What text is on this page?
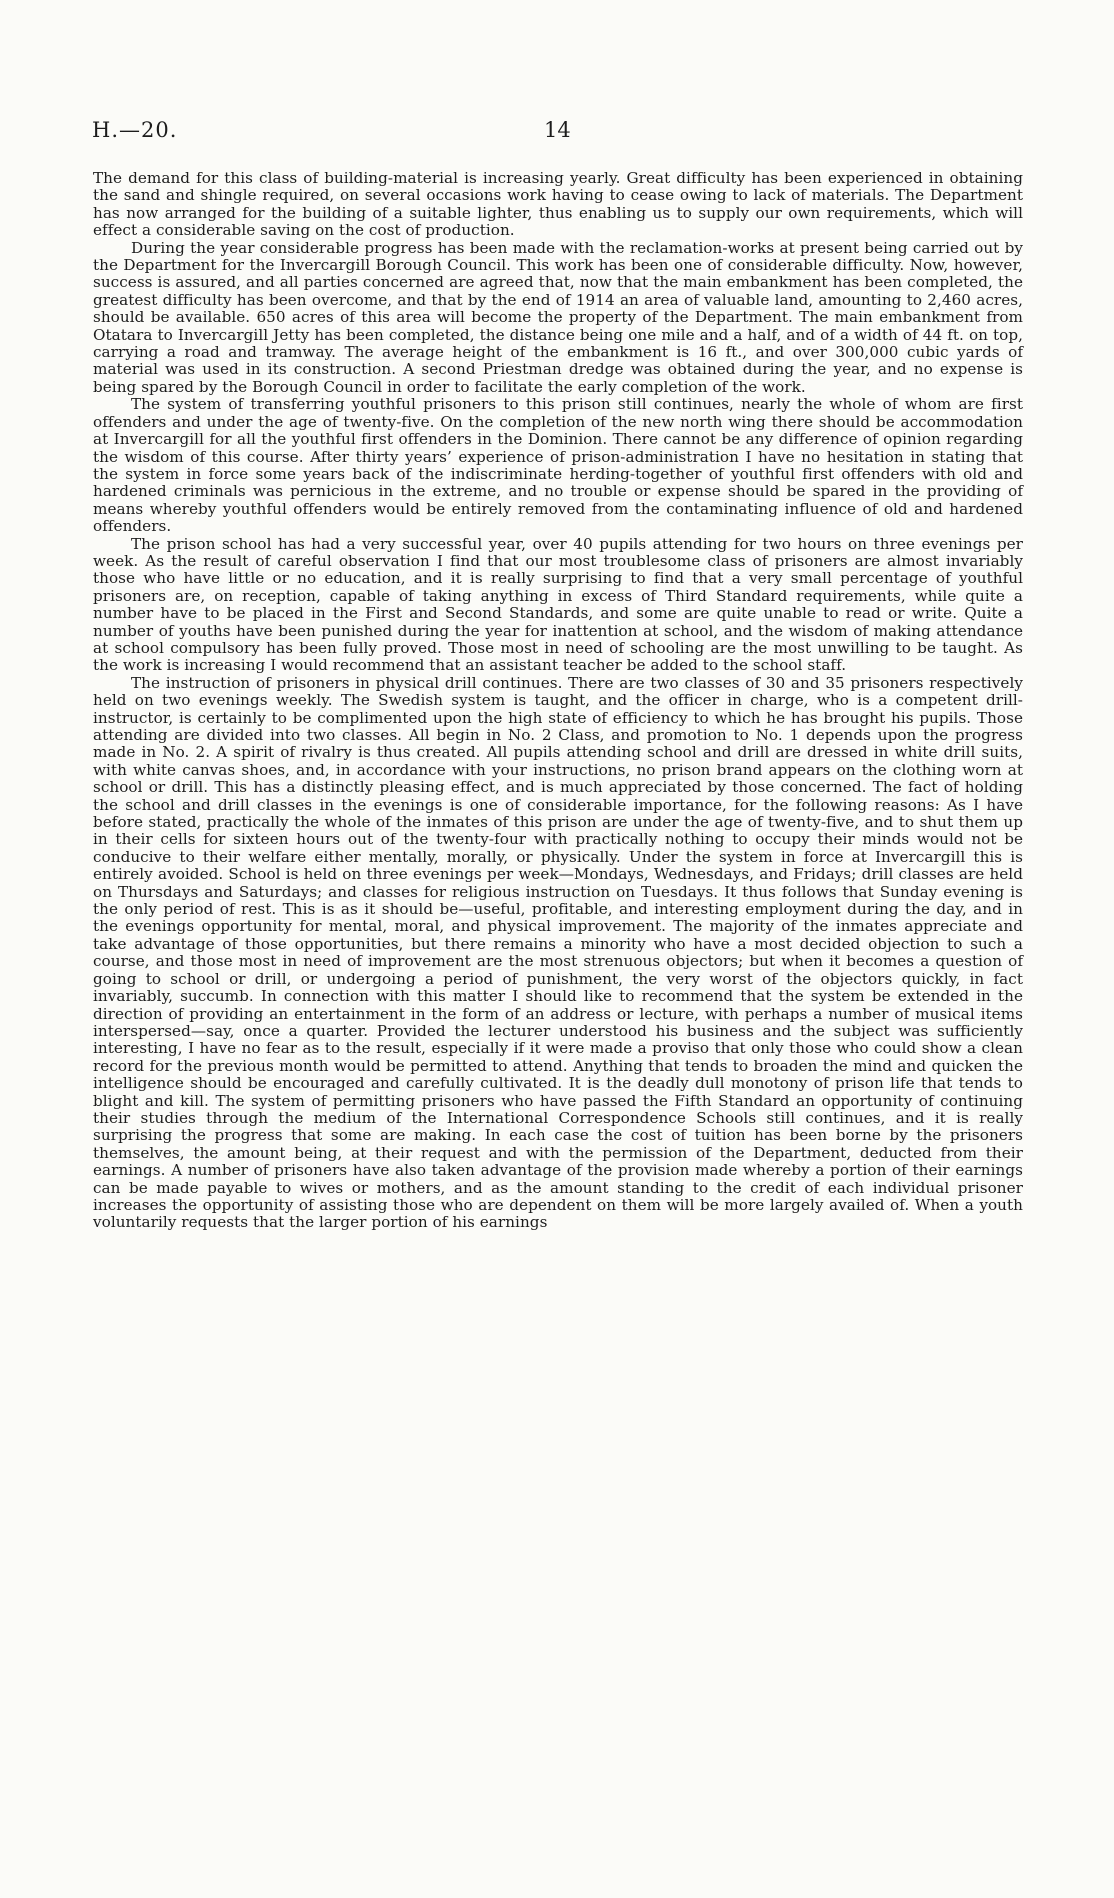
H.—20.	14

The demand for this class of building-material is increasing yearly. Great difficulty has been experienced in obtaining the sand and shingle required, on several occasions work having to cease owing to lack of materials. The Department has now arranged for the building of a suitable lighter, thus enabling us to supply our own requirements, which will effect a considerable saving on the cost of production.

During the year considerable progress has been made with the reclamation-works at present being carried out by the Department for the Invercargill Borough Council. This work has been one of considerable difficulty. Now, however, success is assured, and all parties concerned are agreed that, now that the main embankment has been completed, the greatest difficulty has been overcome, and that by the end of 1914 an area of valuable land, amounting to 2,460 acres, should be available. 650 acres of this area will become the property of the Department. The main embankment from Otatara to Invercargill Jetty has been completed, the distance being one mile and a half, and of a width of 44 ft. on top, carrying a road and tramway. The average height of the embankment is 16 ft., and over 300,000 cubic yards of material was used in its construction. A second Priestman dredge was obtained during the year, and no expense is being spared by the Borough Council in order to facilitate the early completion of the work.

The system of transferring youthful prisoners to this prison still continues, nearly the whole of whom are first offenders and under the age of twenty-five. On the completion of the new north wing there should be accommodation at Invercargill for all the youthful first offenders in the Dominion. There cannot be any difference of opinion regarding the wisdom of this course. After thirty years’ experience of prison-administration I have no hesitation in stating that the system in force some years back of the indiscriminate herding-together of youthful first offenders with old and hardened criminals was pernicious in the extreme, and no trouble or expense should be spared in the providing of means whereby youthful offenders would be entirely removed from the contaminating influence of old and hardened offenders.

The prison school has had a very successful year, over 40 pupils attending for two hours on three evenings per week. As the result of careful observation I find that our most troublesome class of prisoners are almost invariably those who have little or no education, and it is really surprising to find that a very small percentage of youthful prisoners are, on reception, capable of taking anything in excess of Third Standard requirements, while quite a number have to be placed in the First and Second Standards, and some are quite unable to read or write. Quite a number of youths have been punished during the year for inattention at school, and the wisdom of making attendance at school compulsory has been fully proved. Those most in need of schooling are the most unwilling to be taught. As the work is increasing I would recommend that an assistant teacher be added to the school staff.

The instruction of prisoners in physical drill continues. There are two classes of 30 and 35 prisoners respectively held on two evenings weekly. The Swedish system is taught, and the officer in charge, who is a competent drill-instructor, is certainly to be complimented upon the high state of efficiency to which he has brought his pupils. Those attending are divided into two classes. All begin in No. 2 Class, and promotion to No. 1 depends upon the progress made in No. 2. A spirit of rivalry is thus created. All pupils attending school and drill are dressed in white drill suits, with white canvas shoes, and, in accordance with your instructions, no prison brand appears on the clothing worn at school or drill. This has a distinctly pleasing effect, and is much appreciated by those concerned. The fact of holding the school and drill classes in the evenings is one of considerable importance, for the following reasons: As I have before stated, practically the whole of the inmates of this prison are under the age of twenty-five, and to shut them up in their cells for sixteen hours out of the twenty-four with practically nothing to occupy their minds would not be conducive to their welfare either mentally, morally, or physically. Under the system in force at Invercargill this is entirely avoided. School is held on three evenings per week—Mondays, Wednesdays, and Fridays; drill classes are held on Thursdays and Saturdays; and classes for religious instruction on Tuesdays. It thus follows that Sunday evening is the only period of rest. This is as it should be—useful, profitable, and interesting employment during the day, and in the evenings opportunity for mental, moral, and physical improvement. The majority of the inmates appreciate and take advantage of those opportunities, but there remains a minority who have a most decided objection to such a course, and those most in need of improvement are the most strenuous objectors; but when it becomes a question of going to school or drill, or undergoing a period of punishment, the very worst of the objectors quickly, in fact invariably, succumb. In connection with this matter I should like to recommend that the system be extended in the direction of providing an entertainment in the form of an address or lecture, with perhaps a number of musical items interspersed—say, once a quarter. Provided the lecturer understood his business and the subject was sufficiently interesting, I have no fear as to the result, especially if it were made a proviso that only those who could show a clean record for the previous month would be permitted to attend. Anything that tends to broaden the mind and quicken the intelligence should be encouraged and carefully cultivated. It is the deadly dull monotony of prison life that tends to blight and kill. The system of permitting prisoners who have passed the Fifth Standard an opportunity of continuing their studies through the medium of the International Correspondence Schools still continues, and it is really surprising the progress that some are making. In each case the cost of tuition has been borne by the prisoners themselves, the amount being, at their request and with the permission of the Department, deducted from their earnings. A number of prisoners have also taken advantage of the provision made whereby a portion of their earnings can be made payable to wives or mothers, and as the amount standing to the credit of each individual prisoner increases the opportunity of assisting those who are dependent on them will be more largely availed of. When a youth voluntarily requests that the larger portion of his earnings
